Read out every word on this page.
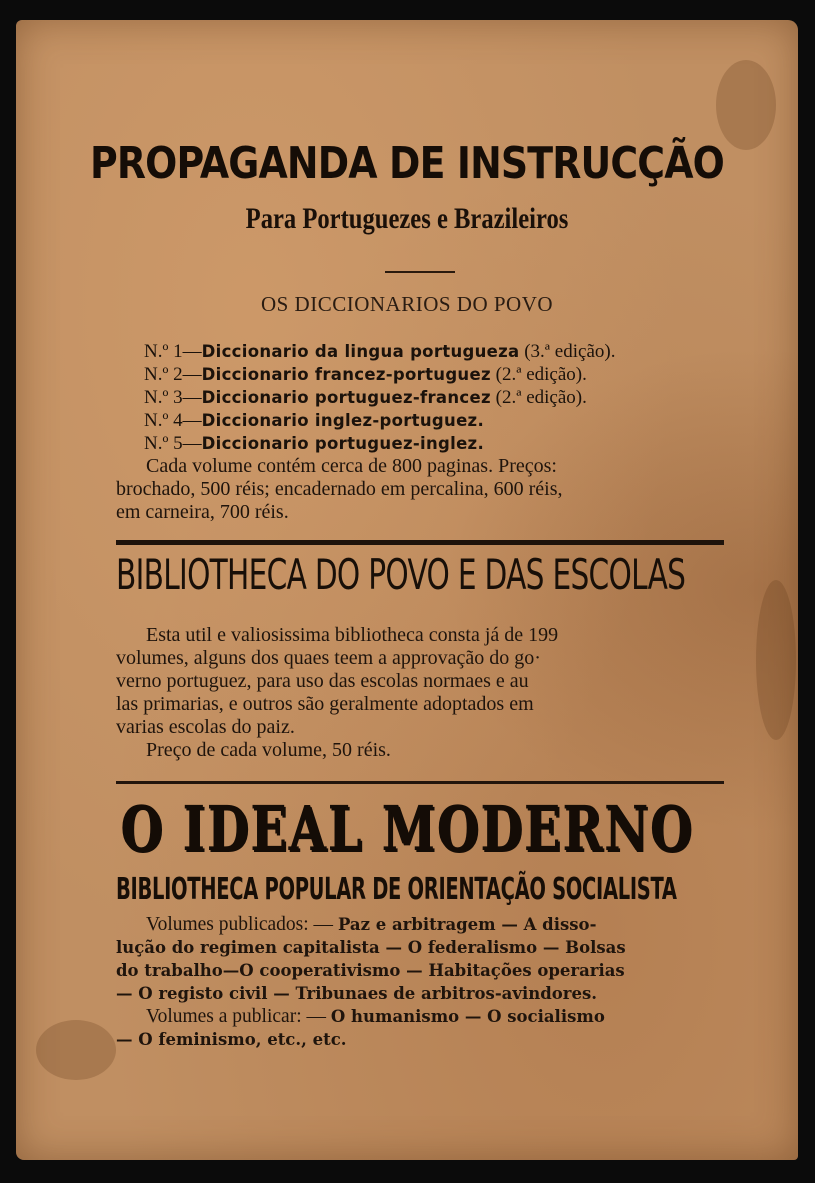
PROPAGANDA DE INSTRUCÇÃO
Para Portuguezes e Brazileiros
OS DICCIONARIOS DO POVO
N.º 1—Diccionario da lingua portugueza (3.ª edição).
N.º 2—Diccionario francez-portuguez (2.ª edição).
N.º 3—Diccionario portuguez-francez (2.ª edição).
N.º 4—Diccionario inglez-portuguez.
N.º 5—Diccionario portuguez-inglez.
Cada volume contém cerca de 800 paginas. Preços:
brochado, 500 réis; encadernado em percalina, 600 réis,
em carneira, 700 réis.
BIBLIOTHECA DO POVO E DAS ESCOLAS
Esta util e valiosissima bibliotheca consta já de 199
volumes, alguns dos quaes teem a approvação do go·
verno portuguez, para uso das escolas normaes e au
las primarias, e outros são geralmente adoptados em
varias escolas do paiz.
Preço de cada volume, 50 réis.
O IDEAL MODERNO
BIBLIOTHECA POPULAR DE ORIENTAÇÃO SOCIALISTA
Volumes publicados: — Paz e arbitragem — A disso-
lução do regimen capitalista — O federalismo — Bolsas
do trabalho—O cooperativismo — Habitações operarias
— O registo civil — Tribunaes de arbitros-avindores.
Volumes a publicar: — O humanismo — O socialismo
— O feminismo, etc., etc.
